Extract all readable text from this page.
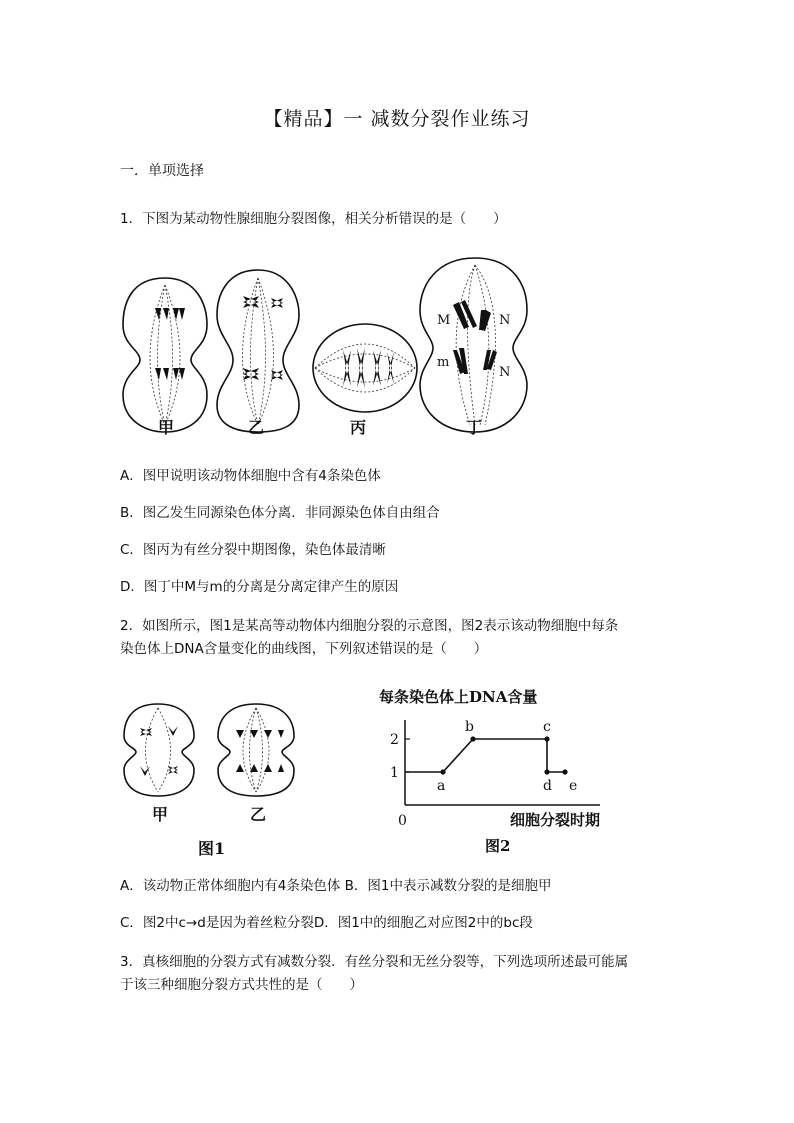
【精品】一 减数分裂作业练习
一．单项选择
1．下图为某动物性腺细胞分裂图像，相关分析错误的是（　　）
M	N
m
N
甲	乙	丙	丁
A．图甲说明该动物体细胞中含有4条染色体
B．图乙发生同源染色体分离．非同源染色体自由组合
C．图丙为有丝分裂中期图像，染色体最清晰
D．图丁中M与m的分离是分离定律产生的原因
2．如图所示，图1是某高等动物体内细胞分裂的示意图，图2表示该动物细胞中每条
染色体上DNA含量变化的曲线图，下列叙述错误的是（　　）
甲	乙
图1
每条染色体上DNA含量
0	细胞分裂时期
图2
1
2
a
b	c
d e
A．该动物正常体细胞内有4条染色体 B．图1中表示减数分裂的是细胞甲
C．图2中c→d是因为着丝粒分裂D．图1中的细胞乙对应图2中的bc段
3．真核细胞的分裂方式有减数分裂．有丝分裂和无丝分裂等，下列选项所述最可能属
于该三种细胞分裂方式共性的是（　　）
